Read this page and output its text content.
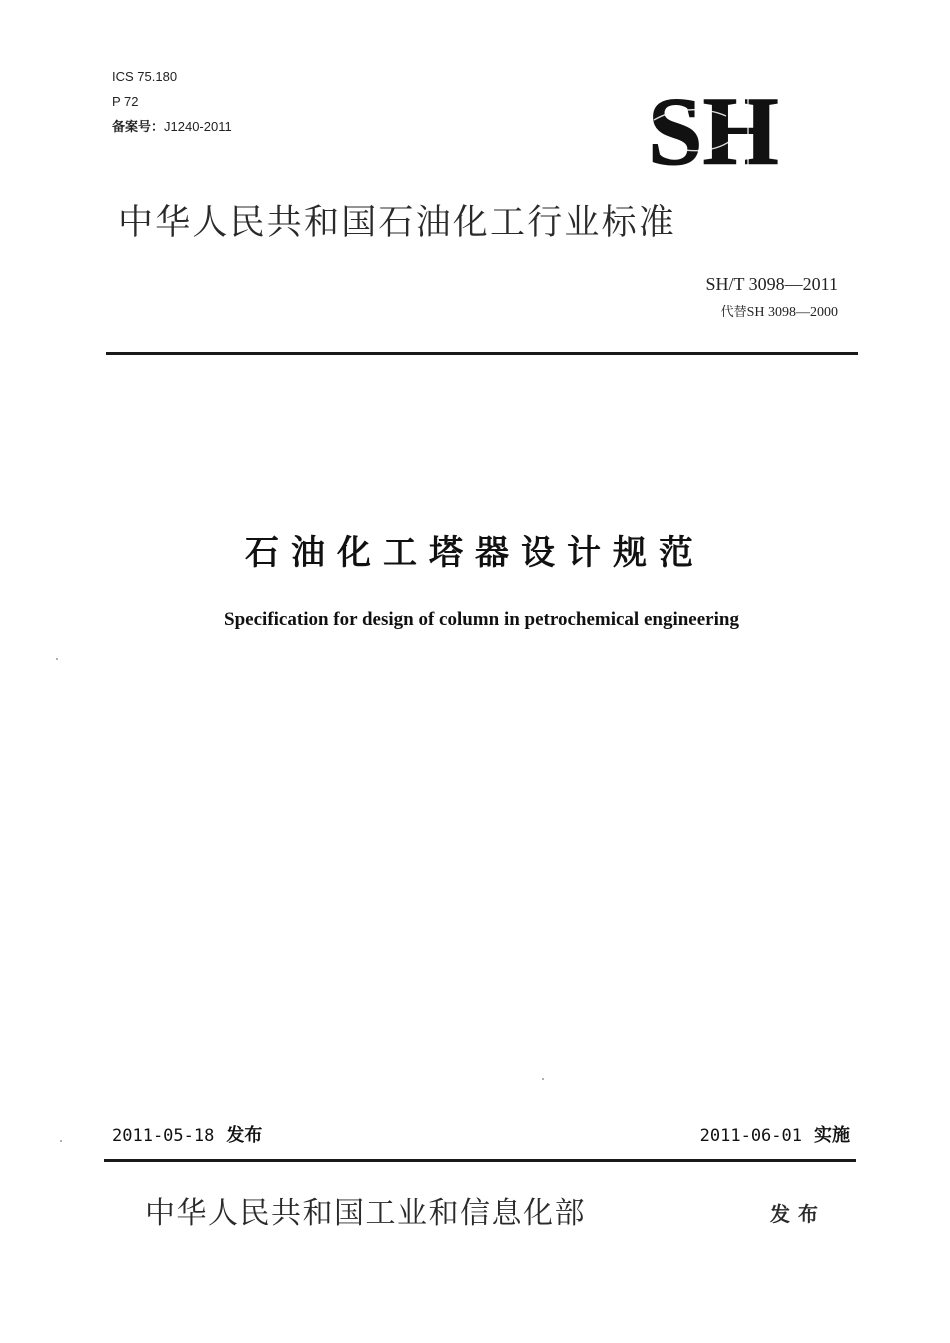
ICS 75.180
P 72
备案号：J1240-2011	SH
中华人民共和国石油化工行业标准
SH/T 3098—2011
代替SH 3098—2000
石油化工塔器设计规范
Specification for design of column in petrochemical engineering
2011-05-18 发布	2011-06-01 实施
中华人民共和国工业和信息化部	发布
